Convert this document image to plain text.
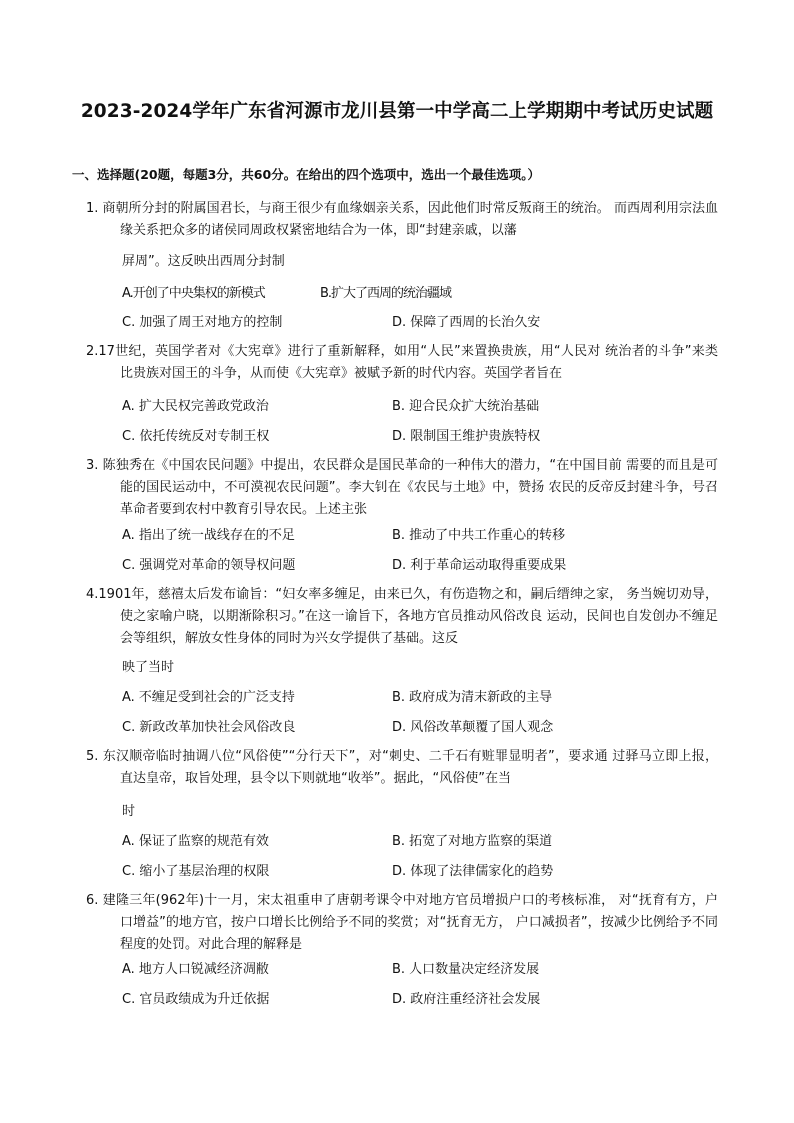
2023-2024学年广东省河源市龙川县第一中学高二上学期期中考试历史试题
一、选择题(20题，每题3分，共60分。在给出的四个选项中，选出一个最佳选项。）

1. 商朝所分封的附属国君长，与商王很少有血缘姻亲关系，因此他们时常反叛商王的统治。 而西周利用宗法血缘关系把众多的诸侯同周政权紧密地结合为一体，即“封建亲戚，以藩

屏周”。这反映出西周分封制
A.开创了中央集权的新模式	B.扩大了西周的统治疆域
C. 加强了周王对地方的控制	D. 保障了西周的长治久安

2.17世纪，英国学者对《大宪章》进行了重新解释，如用“人民”来置换贵族，用“人民对 统治者的斗争”来类比贵族对国王的斗争，从而使《大宪章》被赋予新的时代内容。英国学者旨在

A. 扩大民权完善政党政治	B. 迎合民众扩大统治基础
C. 依托传统反对专制王权	D. 限制国王维护贵族特权

3. 陈独秀在《中国农民问题》中提出，农民群众是国民革命的一种伟大的潜力，“在中国目前 需要的而且是可能的国民运动中，不可漠视农民问题”。李大钊在《农民与土地》中，赞扬 农民的反帝反封建斗争，号召革命者要到农村中教育引导农民。上述主张

A. 指出了统一战线存在的不足	B. 推动了中共工作重心的转移
C. 强调党对革命的领导权问题	D. 利于革命运动取得重要成果

4.1901年，慈禧太后发布谕旨：“妇女率多缠足，由来已久，有伤造物之和，嗣后缙绅之家， 务当婉切劝导，使之家喻户晓，以期渐除积习。”在这一谕旨下，各地方官员推动风俗改良 运动，民间也自发创办不缠足会等组织，解放女性身体的同时为兴女学提供了基础。这反

映了当时
A. 不缠足受到社会的广泛支持	B. 政府成为清末新政的主导
C. 新政改革加快社会风俗改良	D. 风俗改革颠覆了国人观念

5. 东汉顺帝临时抽调八位“风俗使”“分行天下”，对“刺史、二千石有赃罪显明者”，要求通 过驿马立即上报，直达皇帝，取旨处理，县令以下则就地“收举”。据此，“风俗使”在当

时
A. 保证了监察的规范有效	B. 拓宽了对地方监察的渠道
C. 缩小了基层治理的权限	D. 体现了法律儒家化的趋势

6. 建隆三年(962年)十一月，宋太祖重申了唐朝考课令中对地方官员增损户口的考核标准， 对“抚育有方，户口增益”的地方官，按户口增长比例给予不同的奖赏；对“抚育无方， 户口减损者”，按减少比例给予不同程度的处罚。对此合理的解释是

A. 地方人口锐减经济凋敝	B. 人口数量决定经济发展
C. 官员政绩成为升迁依据	D. 政府注重经济社会发展
